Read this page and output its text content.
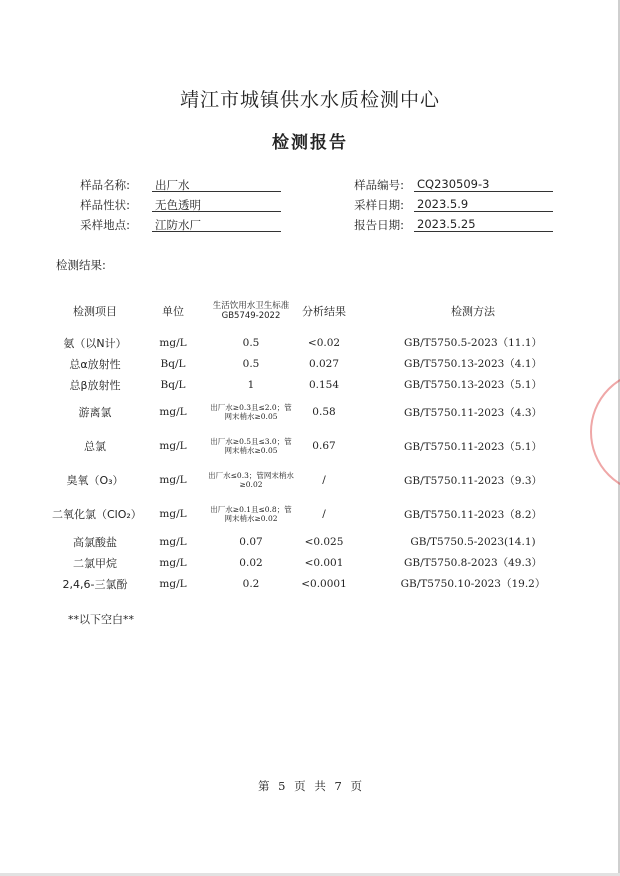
靖江市城镇供水水质检测中心
检测报告
样品名称: 出厂水
样品性状: 无色透明
采样地点: 江防水厂
样品编号: CQ230509-3
采样日期: 2023.5.9
报告日期: 2023.5.25
检测结果:
检测项目	单位	生活饮用水卫生标准GB5749-2022	分析结果	检测方法
氨（以N计）	mg/L	0.5	<0.02	GB/T5750.5-2023（11.1）
总α放射性	Bq/L	0.5	0.027	GB/T5750.13-2023（4.1）
总β放射性	Bq/L	1	0.154	GB/T5750.13-2023（5.1）
游离氯	mg/L	出厂水≥0.3且≤2.0；管网末梢水≥0.05	0.58	GB/T5750.11-2023（4.3）
总氯	mg/L	出厂水≥0.5且≤3.0；管网末梢水≥0.05	0.67	GB/T5750.11-2023（5.1）
臭氧（O₃）	mg/L	出厂水≤0.3；管网末梢水≥0.02	/	GB/T5750.11-2023（9.3）
二氧化氯（ClO₂）	mg/L	出厂水≥0.1且≤0.8；管网末梢水≥0.02	/	GB/T5750.11-2023（8.2）
高氯酸盐	mg/L	0.07	<0.025	GB/T5750.5-2023(14.1)
二氯甲烷	mg/L	0.02	<0.001	GB/T5750.8-2023（49.3）
2,4,6-三氯酚	mg/L	0.2	<0.0001	GB/T5750.10-2023（19.2）
**以下空白**
第 5 页 共 7 页
